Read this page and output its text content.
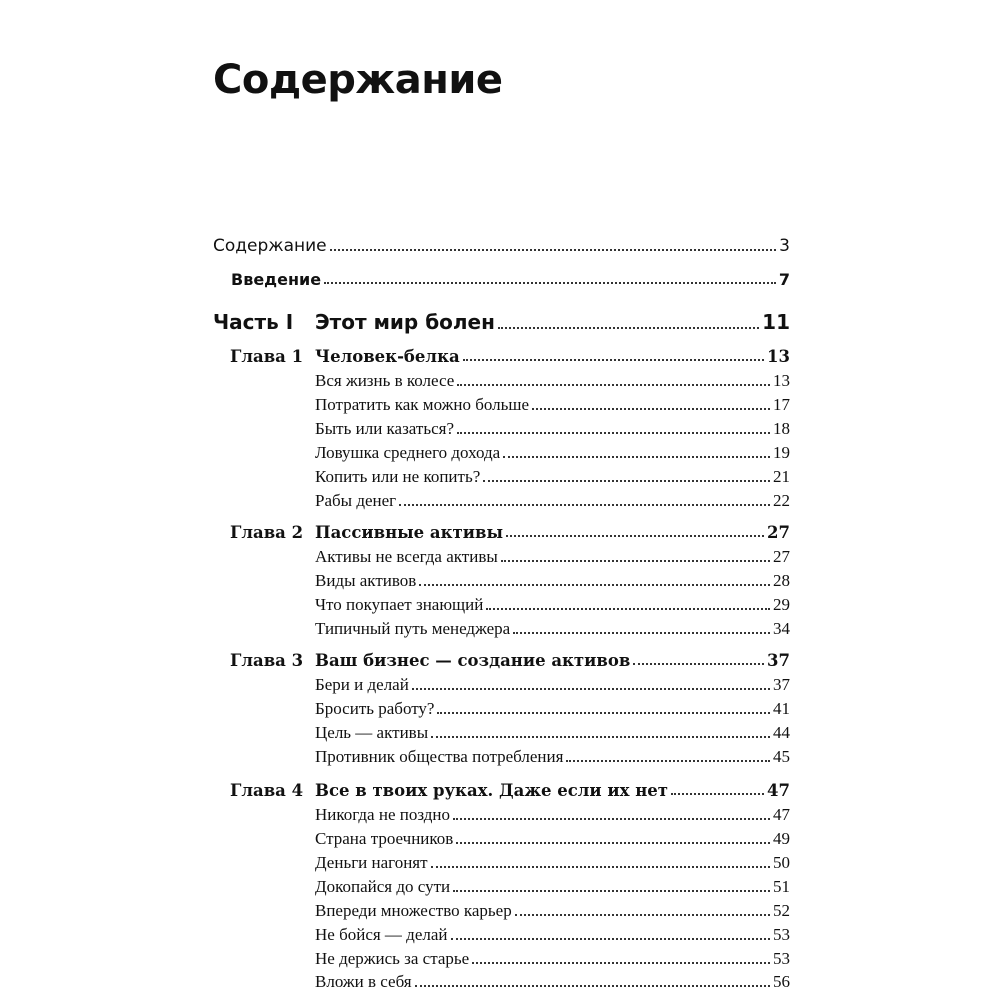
Содержание
Содержание	3
Введение	7
Часть I Этот мир болен	11
Глава 1 Человек-белка	13
Вся жизнь в колесе	13
Потратить как можно больше	17
Быть или казаться?	18
Ловушка среднего дохода	19
Копить или не копить?	21
Рабы денег	22
Глава 2 Пассивные активы	27
Активы не всегда активы	27
Виды активов	28
Что покупает знающий	29
Типичный путь менеджера	34
Глава 3 Ваш бизнес — создание активов	37
Бери и делай	37
Бросить работу?	41
Цель — активы	44
Противник общества потребления	45
Глава 4 Все в твоих руках. Даже если их нет	47
Никогда не поздно	47
Страна троечников	49
Деньги нагонят	50
Докопайся до сути	51
Впереди множество карьер	52
Не бойся — делай	53
Не держись за старье	53
Вложи в себя	56
